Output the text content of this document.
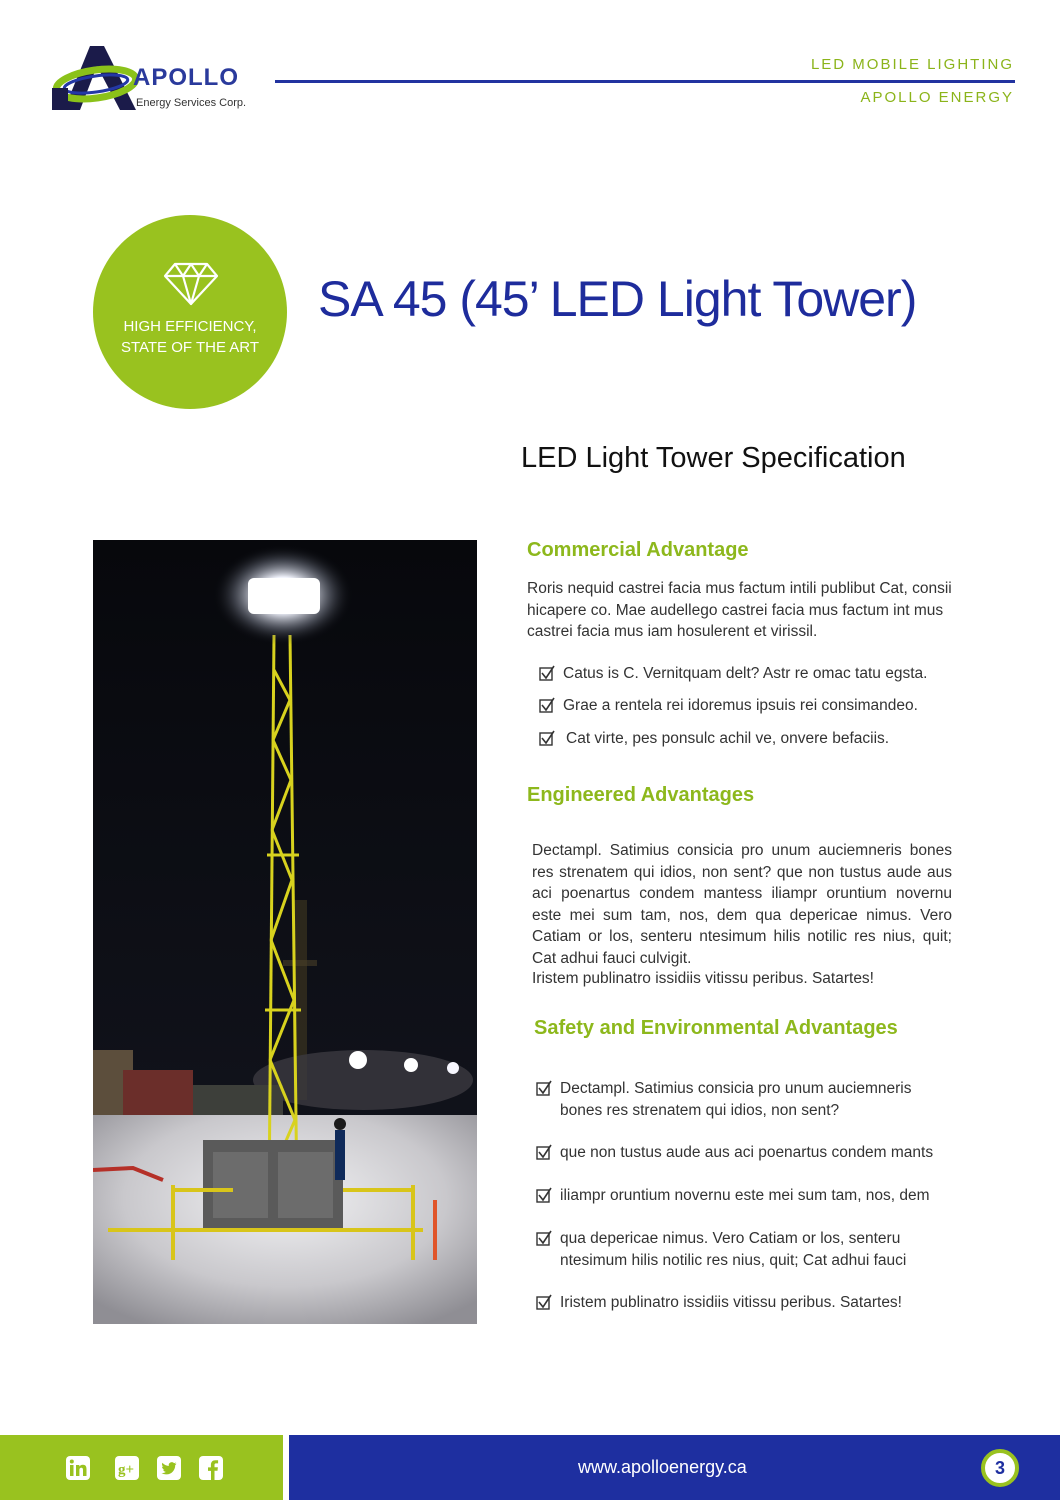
APOLLO
Energy Services Corp.
LED MOBILE LIGHTING
APOLLO ENERGY
HIGH EFFICIENCY,
STATE OF THE ART
SA 45 (45’ LED Light Tower)
LED Light Tower Specification
Commercial Advantage
Roris nequid castrei facia mus factum intili publibut Cat, consii hicapere co. Mae audellego castrei facia mus factum int mus castrei facia mus iam hosulerent et virissil.
Catus is C. Vernitquam delt? Astr re omac tatu egsta.
Grae a rentela rei idoremus ipsuis rei consimandeo.
Cat virte, pes ponsulc achil ve, onvere befaciis.
Engineered Advantages
Dectampl. Satimius consicia pro unum auciemneris bones res strenatem qui idios, non sent? que non tustus aude aus aci poenartus condem mantess iliampr oruntium novernu este mei sum tam, nos, dem qua depericae nimus. Vero Catiam or los, senteru ntesimum hilis notilic res nius, quit; Cat adhui fauci culvigit.
Iristem publinatro issidiis vitissu peribus. Satartes!
Safety and Environmental Advantages
Dectampl. Satimius consicia pro unum auciemneris bones res strenatem qui idios, non sent?
que non tustus aude aus aci poenartus condem mants
iliampr oruntium novernu este mei sum tam, nos, dem
qua depericae nimus. Vero Catiam or los, senteru ntesimum hilis notilic res nius, quit; Cat adhui fauci
Iristem publinatro issidiis vitissu peribus. Satartes!
g+	www.apolloenergy.ca	3
